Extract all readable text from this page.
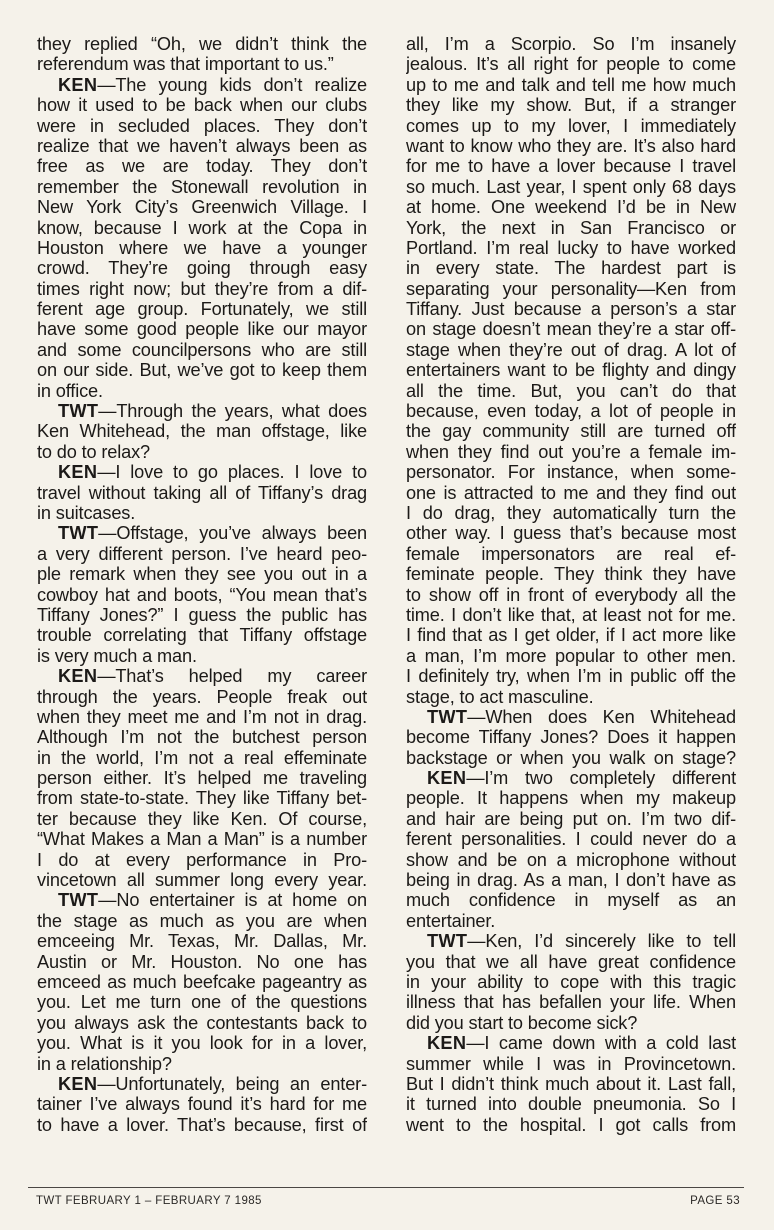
they replied “Oh, we didn’t think the
referendum was that important to us.”
KEN—The young kids don’t realize
how it used to be back when our clubs
were in secluded places. They don’t
realize that we haven’t always been as
free as we are today. They don’t
remember the Stonewall revolution in
New York City’s Greenwich Village. I
know, because I work at the Copa in
Houston where we have a younger
crowd. They’re going through easy
times right now; but they’re from a dif-
ferent age group. Fortunately, we still
have some good people like our mayor
and some councilpersons who are still
on our side. But, we’ve got to keep them
in office.
TWT—Through the years, what does
Ken Whitehead, the man offstage, like
to do to relax?
KEN—I love to go places. I love to
travel without taking all of Tiffany’s drag
in suitcases.
TWT—Offstage, you’ve always been
a very different person. I’ve heard peo-
ple remark when they see you out in a
cowboy hat and boots, “You mean that’s
Tiffany Jones?” I guess the public has
trouble correlating that Tiffany offstage
is very much a man.
KEN—That’s helped my career
through the years. People freak out
when they meet me and I’m not in drag.
Although I’m not the butchest person
in the world, I’m not a real effeminate
person either. It’s helped me traveling
from state-to-state. They like Tiffany bet-
ter because they like Ken. Of course,
“What Makes a Man a Man” is a number
I do at every performance in Pro-
vincetown all summer long every year.
TWT—No entertainer is at home on
the stage as much as you are when
emceeing Mr. Texas, Mr. Dallas, Mr.
Austin or Mr. Houston. No one has
emceed as much beefcake pageantry as
you. Let me turn one of the questions
you always ask the contestants back to
you. What is it you look for in a lover,
in a relationship?
KEN—Unfortunately, being an enter-
tainer I’ve always found it’s hard for me
to have a lover. That’s because, first of
all, I’m a Scorpio. So I’m insanely
jealous. It’s all right for people to come
up to me and talk and tell me how much
they like my show. But, if a stranger
comes up to my lover, I immediately
want to know who they are. It’s also hard
for me to have a lover because I travel
so much. Last year, I spent only 68 days
at home. One weekend I’d be in New
York, the next in San Francisco or
Portland. I’m real lucky to have worked
in every state. The hardest part is
separating your personality—Ken from
Tiffany. Just because a person’s a star
on stage doesn’t mean they’re a star off-
stage when they’re out of drag. A lot of
entertainers want to be flighty and dingy
all the time. But, you can’t do that
because, even today, a lot of people in
the gay community still are turned off
when they find out you’re a female im-
personator. For instance, when some-
one is attracted to me and they find out
I do drag, they automatically turn the
other way. I guess that’s because most
female impersonators are real ef-
feminate people. They think they have
to show off in front of everybody all the
time. I don’t like that, at least not for me.
I find that as I get older, if I act more like
a man, I’m more popular to other men.
I definitely try, when I’m in public off the
stage, to act masculine.
TWT—When does Ken Whitehead
become Tiffany Jones? Does it happen
backstage or when you walk on stage?
KEN—I’m two completely different
people. It happens when my makeup
and hair are being put on. I’m two dif-
ferent personalities. I could never do a
show and be on a microphone without
being in drag. As a man, I don’t have as
much confidence in myself as an
entertainer.
TWT—Ken, I’d sincerely like to tell
you that we all have great confidence
in your ability to cope with this tragic
illness that has befallen your life. When
did you start to become sick?
KEN—I came down with a cold last
summer while I was in Provincetown.
But I didn’t think much about it. Last fall,
it turned into double pneumonia. So I
went to the hospital. I got calls from
TWT FEBRUARY 1 – FEBRUARY 7 1985	PAGE 53
